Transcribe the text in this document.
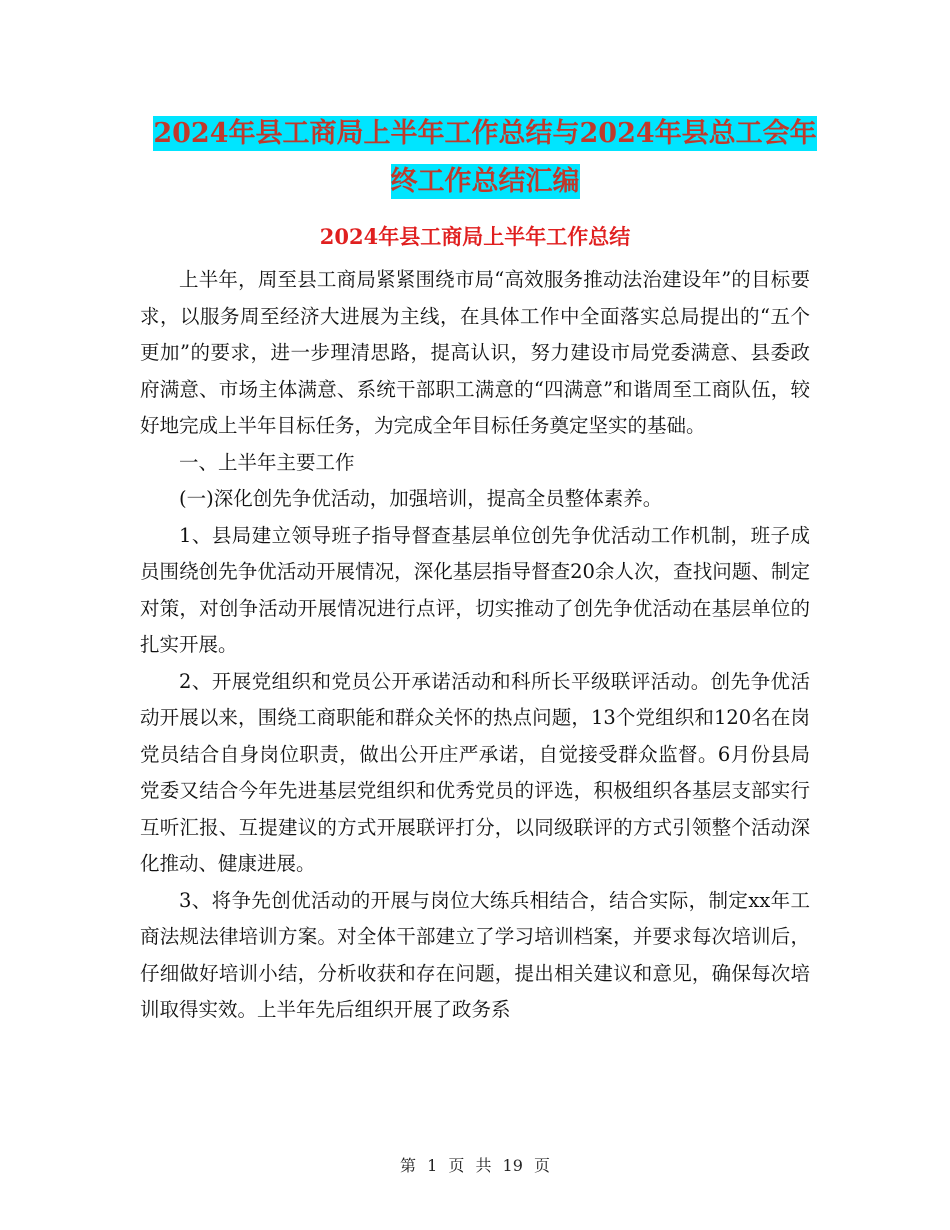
2024年县工商局上半年工作总结与2024年县总工会年终工作总结汇编
2024年县工商局上半年工作总结

上半年，周至县工商局紧紧围绕市局“高效服务推动法治建设年”的目标要求，以服务周至经济大进展为主线，在具体工作中全面落实总局提出的“五个更加”的要求，进一步理清思路，提高认识，努力建设市局党委满意、县委政府满意、市场主体满意、系统干部职工满意的“四满意”和谐周至工商队伍，较好地完成上半年目标任务，为完成全年目标任务奠定坚实的基础。

一、上半年主要工作

(一)深化创先争优活动，加强培训，提高全员整体素养。

1、县局建立领导班子指导督查基层单位创先争优活动工作机制，班子成员围绕创先争优活动开展情况，深化基层指导督查20余人次，查找问题、制定对策，对创争活动开展情况进行点评，切实推动了创先争优活动在基层单位的扎实开展。

2、开展党组织和党员公开承诺活动和科所长平级联评活动。创先争优活动开展以来，围绕工商职能和群众关怀的热点问题，13个党组织和120名在岗党员结合自身岗位职责，做出公开庄严承诺，自觉接受群众监督。6月份县局党委又结合今年先进基层党组织和优秀党员的评选，积极组织各基层支部实行互听汇报、互提建议的方式开展联评打分，以同级联评的方式引领整个活动深化推动、健康进展。

3、将争先创优活动的开展与岗位大练兵相结合，结合实际，制定xx年工商法规法律培训方案。对全体干部建立了学习培训档案，并要求每次培训后，仔细做好培训小结，分析收获和存在问题，提出相关建议和意见，确保每次培训取得实效。上半年先后组织开展了政务系

第 1 页 共 19 页
